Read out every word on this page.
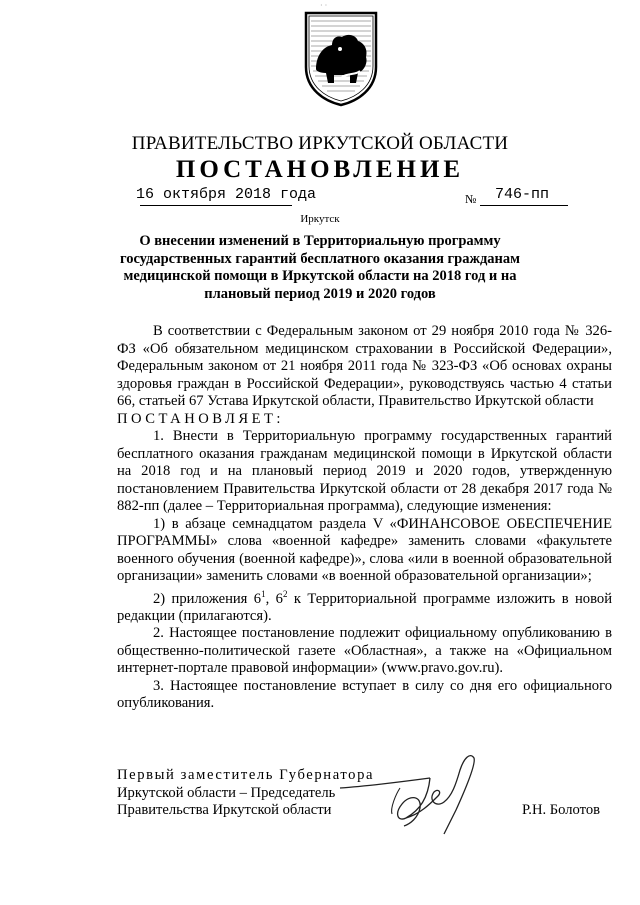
· ·
ПРАВИТЕЛЬСТВО ИРКУТСКОЙ ОБЛАСТИ
ПОСТАНОВЛЕНИЕ
16 октября 2018 года	№ 746-пп
Иркутск
О внесении изменений в Территориальную программу государственных гарантий бесплатного оказания гражданам медицинской помощи в Иркутской области на 2018 год и на плановый период 2019 и 2020 годов

В соответствии с Федеральным законом от 29 ноября 2010 года № 326-ФЗ «Об обязательном медицинском страховании в Российской Федерации», Федеральным законом от 21 ноября 2011 года № 323-ФЗ «Об основах охраны здоровья граждан в Российской Федерации», руководствуясь частью 4 статьи 66, статьей 67 Устава Иркутской области, Правительство Иркутской области

ПОСТАНОВЛЯЕТ:

1. Внести в Территориальную программу государственных гарантий бесплатного оказания гражданам медицинской помощи в Иркутской области на 2018 год и на плановый период 2019 и 2020 годов, утвержденную постановлением Правительства Иркутской области от 28 декабря 2017 года № 882-пп (далее – Территориальная программа), следующие изменения:

1) в абзаце семнадцатом раздела V «ФИНАНСОВОЕ ОБЕСПЕЧЕНИЕ ПРОГРАММЫ» слова «военной кафедре» заменить словами «факультете военного обучения (военной кафедре)», слова «или в военной образовательной организации» заменить словами «в военной образовательной организации»;

2) приложения $6^1$, $6^2$ к Территориальной программе изложить в новой редакции (прилагаются).

2. Настоящее постановление подлежит официальному опубликованию в общественно-политической газете «Областная», а также на «Официальном интернет-портале правовой информации» (www.pravo.gov.ru).

3. Настоящее постановление вступает в силу со дня его официального опубликования.

Первый заместитель Губернатора
Иркутской области – Председатель
Правительства Иркутской области	Р.Н. Болотов
